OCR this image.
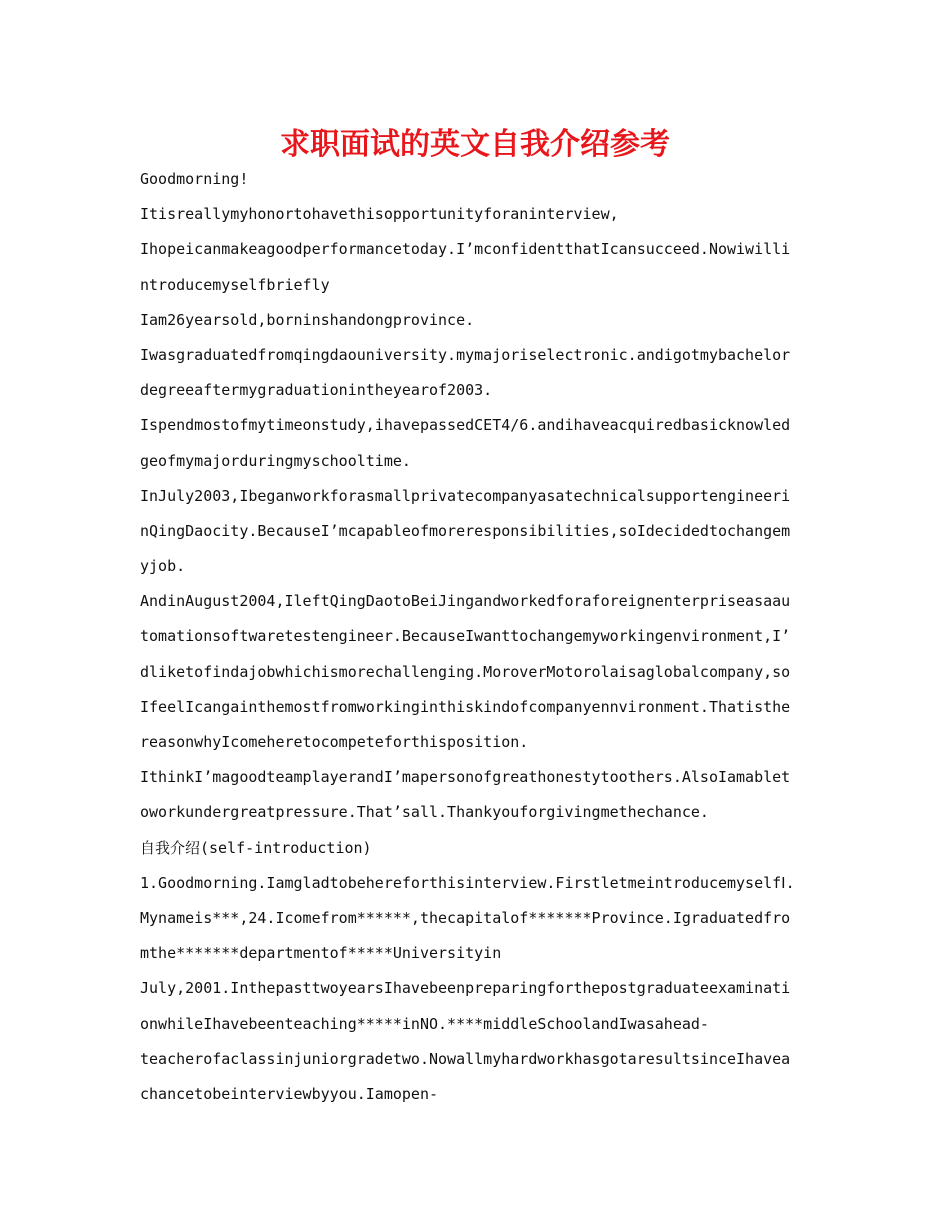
求职面试的英文自我介绍参考
Goodmorning!
Itisreallymyhonortohavethisopportunityforaninterview,
Ihopeicanmakeagoodperformancetoday.I’mconfidentthatIcansucceed.Nowiwilli
ntroducemyselfbriefly
Iam26yearsold,borninshandongprovince.
Iwasgraduatedfromqingdaouniversity.mymajoriselectronic.andigotmybachelor
degreeaftermygraduationintheyearof2003.
Ispendmostofmytimeonstudy,ihavepassedCET4/6.andihaveacquiredbasicknowled
geofmymajorduringmyschooltime.
InJuly2003,Ibeganworkforasmallprivatecompanyasatechnicalsupportengineeri
nQingDaocity.BecauseI’mcapableofmoreresponsibilities,soIdecidedtochangem
yjob.
AndinAugust2004,IleftQingDaotoBeiJingandworkedforaforeignenterpriseasaau
tomationsoftwaretestengineer.BecauseIwanttochangemyworkingenvironment,I’
dliketofindajobwhichismorechallenging.MoroverMotorolaisaglobalcompany,so
IfeelIcangainthemostfromworkinginthiskindofcompanyennvironment.Thatisthe
reasonwhyIcomeheretocompeteforthisposition.
IthinkI’magoodteamplayerandI’mapersonofgreathonestytoothers.AlsoIamablet
oworkundergreatpressure.That’sall.Thankyouforgivingmethechance.
自我介绍(self-introduction)
1.Goodmorning.Iamgladtobehereforthisinterview.FirstletmeintroducemyselfⅠ.
Mynameis***,24.Icomefrom******,thecapitalof*******Province.Igraduatedfro
mthe*******departmentof*****Universityin
July,2001.InthepasttwoyearsIhavebeenpreparingforthepostgraduateexaminati
onwhileIhavebeenteaching*****inNO.****middleSchoolandIwasahead-
teacherofaclassinjuniorgradetwo.NowallmyhardworkhasgotaresultsinceIhavea
chancetobeinterviewbyyou.Iamopen-
